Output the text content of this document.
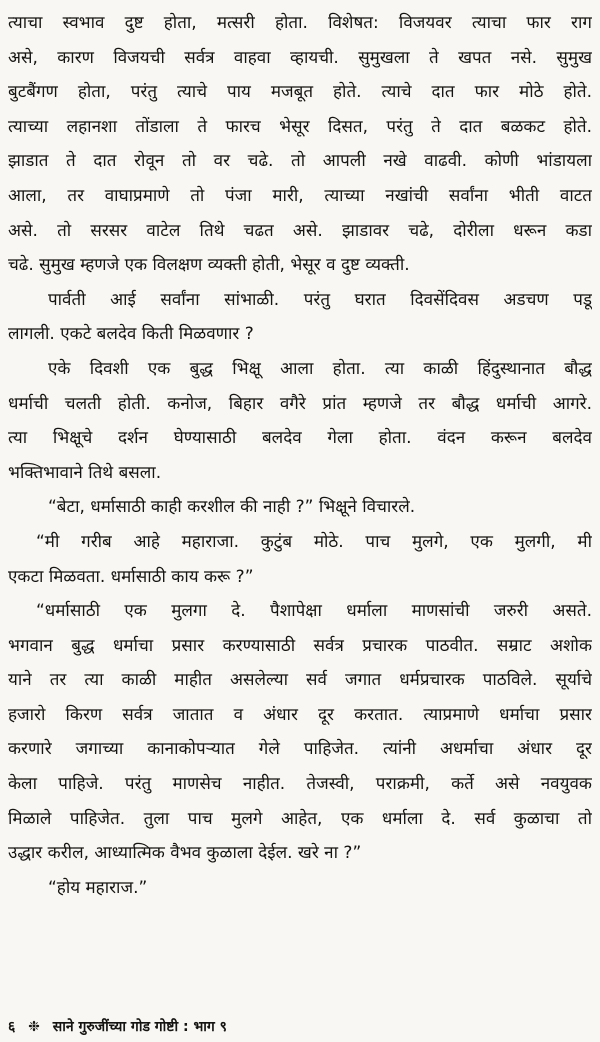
त्याचा स्वभाव दुष्ट होता, मत्सरी होता. विशेषत: विजयवर त्याचा फार राग
असे, कारण विजयची सर्वत्र वाहवा व्हायची. सुमुखला ते खपत नसे. सुमुख
बुटबैंगण होता, परंतु त्याचे पाय मजबूत होते. त्याचे दात फार मोठे होते.
त्याच्या लहानशा तोंडाला ते फारच भेसूर दिसत, परंतु ते दात बळकट होते.
झाडात ते दात रोवून तो वर चढे. तो आपली नखे वाढवी. कोणी भांडायला
आला, तर वाघाप्रमाणे तो पंजा मारी, त्याच्या नखांची सर्वांना भीती वाटत
असे. तो सरसर वाटेल तिथे चढत असे. झाडावर चढे, दोरीला धरून कडा
चढे. सुमुख म्हणजे एक विलक्षण व्यक्ती होती, भेसूर व दुष्ट व्यक्ती.
पार्वती आई सर्वांना सांभाळी. परंतु घरात दिवसेंदिवस अडचण पडू
लागली. एकटे बलदेव किती मिळवणार ?
एके दिवशी एक बुद्ध भिक्षू आला होता. त्या काळी हिंदुस्थानात बौद्ध
धर्माची चलती होती. कनोज, बिहार वगैरे प्रांत म्हणजे तर बौद्ध धर्माची आगरे.
त्या भिक्षूचे दर्शन घेण्यासाठी बलदेव गेला होता. वंदन करून बलदेव
भक्तिभावाने तिथे बसला.
“बेटा, धर्मासाठी काही करशील की नाही ?” भिक्षूने विचारले.
“मी गरीब आहे महाराजा. कुटुंब मोठे. पाच मुलगे, एक मुलगी, मी
एकटा मिळवता. धर्मासाठी काय करू ?”
“धर्मासाठी एक मुलगा दे. पैशापेक्षा धर्माला माणसांची जरुरी असते.
भगवान बुद्ध धर्माचा प्रसार करण्यासाठी सर्वत्र प्रचारक पाठवीत. सम्राट अशोक
याने तर त्या काळी माहीत असलेल्या सर्व जगात धर्मप्रचारक पाठविले. सूर्याचे
हजारो किरण सर्वत्र जातात व अंधार दूर करतात. त्याप्रमाणे धर्माचा प्रसार
करणारे जगाच्या कानाकोपऱ्यात गेले पाहिजेत. त्यांनी अधर्माचा अंधार दूर
केला पाहिजे. परंतु माणसेच नाहीत. तेजस्वी, पराक्रमी, कर्ते असे नवयुवक
मिळाले पाहिजेत. तुला पाच मुलगे आहेत, एक धर्माला दे. सर्व कुळाचा तो
उद्धार करील, आध्यात्मिक वैभव कुळाला देईल. खरे ना ?”
“होय महाराज.”
६ ❉ साने गुरुजींच्या गोड गोष्टी : भाग ९
